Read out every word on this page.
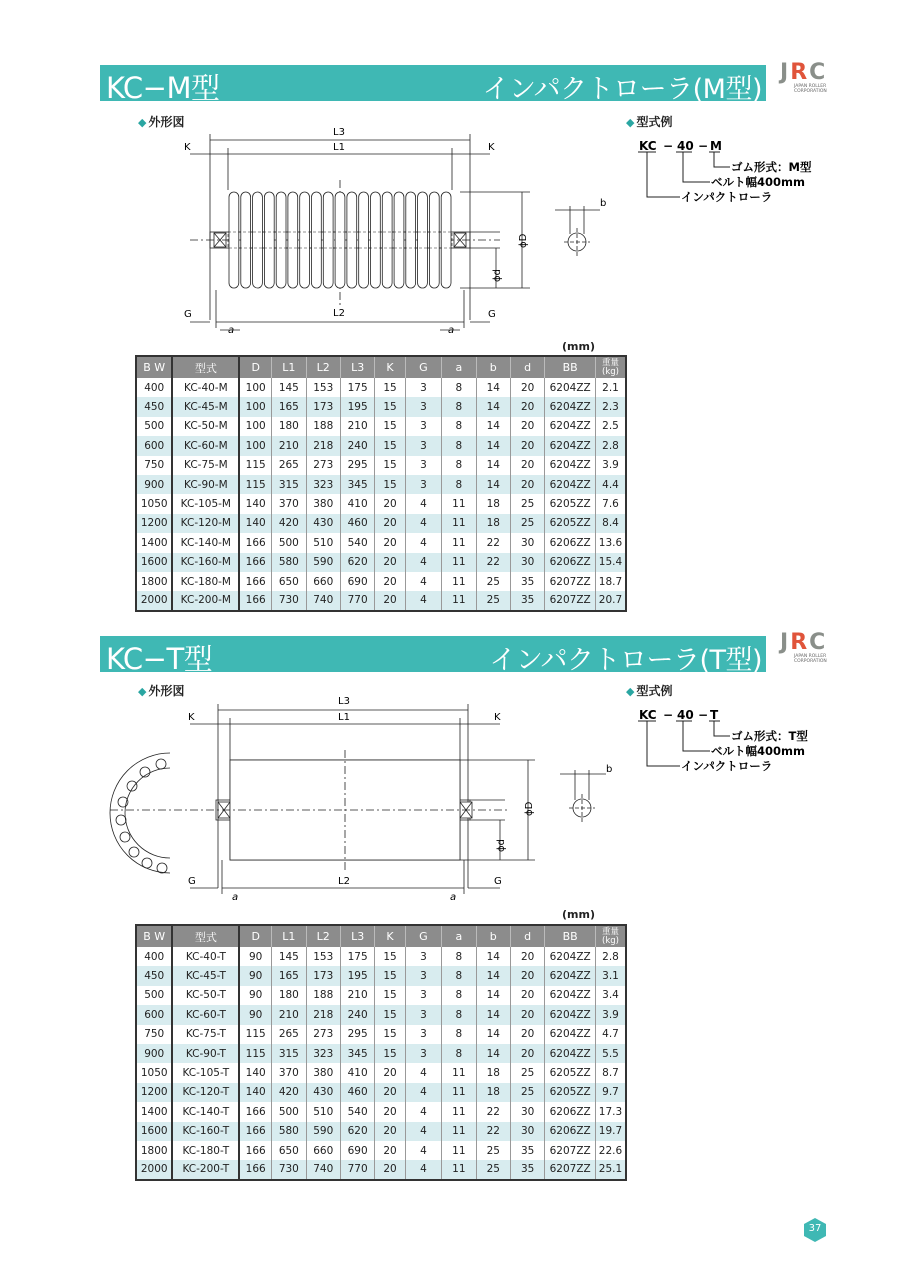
KC−M型	インパクトローラ(M型)
JRC
JAPAN ROLLER CORPORATION
◆ 外形図	◆ 型式例
KC − 40 − M
ゴム形式：M型
ベルト幅400mm
インパクトローラ
L3
L1
K	K
L2
G	G
a	a
ϕD
ϕd
b
(mm)
B W	型式	D	L1	L2	L3	K	G	a	b	d	BB	重量
(kg)
400	KC-40-M	100	145	153	175	15	3	8	14	20	6204ZZ	2.1
450	KC-45-M	100	165	173	195	15	3	8	14	20	6204ZZ	2.3
500	KC-50-M	100	180	188	210	15	3	8	14	20	6204ZZ	2.5
600	KC-60-M	100	210	218	240	15	3	8	14	20	6204ZZ	2.8
750	KC-75-M	115	265	273	295	15	3	8	14	20	6204ZZ	3.9
900	KC-90-M	115	315	323	345	15	3	8	14	20	6204ZZ	4.4
1050	KC-105-M	140	370	380	410	20	4	11	18	25	6205ZZ	7.6
1200	KC-120-M	140	420	430	460	20	4	11	18	25	6205ZZ	8.4
1400	KC-140-M	166	500	510	540	20	4	11	22	30	6206ZZ	13.6
1600	KC-160-M	166	580	590	620	20	4	11	22	30	6206ZZ	15.4
1800	KC-180-M	166	650	660	690	20	4	11	25	35	6207ZZ	18.7
2000	KC-200-M	166	730	740	770	20	4	11	25	35	6207ZZ	20.7
KC−T型	インパクトローラ(T型)
JRC
JAPAN ROLLER CORPORATION
◆ 外形図	◆ 型式例
KC − 40 − T
ゴム形式：T型
ベルト幅400mm
インパクトローラ
L3
L1
K	K
L2
G	G
a	a
ϕD
ϕd
b
(mm)
B W	型式	D	L1	L2	L3	K	G	a	b	d	BB	重量
(kg)
400	KC-40-T	90	145	153	175	15	3	8	14	20	6204ZZ	2.8
450	KC-45-T	90	165	173	195	15	3	8	14	20	6204ZZ	3.1
500	KC-50-T	90	180	188	210	15	3	8	14	20	6204ZZ	3.4
600	KC-60-T	90	210	218	240	15	3	8	14	20	6204ZZ	3.9
750	KC-75-T	115	265	273	295	15	3	8	14	20	6204ZZ	4.7
900	KC-90-T	115	315	323	345	15	3	8	14	20	6204ZZ	5.5
1050	KC-105-T	140	370	380	410	20	4	11	18	25	6205ZZ	8.7
1200	KC-120-T	140	420	430	460	20	4	11	18	25	6205ZZ	9.7
1400	KC-140-T	166	500	510	540	20	4	11	22	30	6206ZZ	17.3
1600	KC-160-T	166	580	590	620	20	4	11	22	30	6206ZZ	19.7
1800	KC-180-T	166	650	660	690	20	4	11	25	35	6207ZZ	22.6
2000	KC-200-T	166	730	740	770	20	4	11	25	35	6207ZZ	25.1
37
